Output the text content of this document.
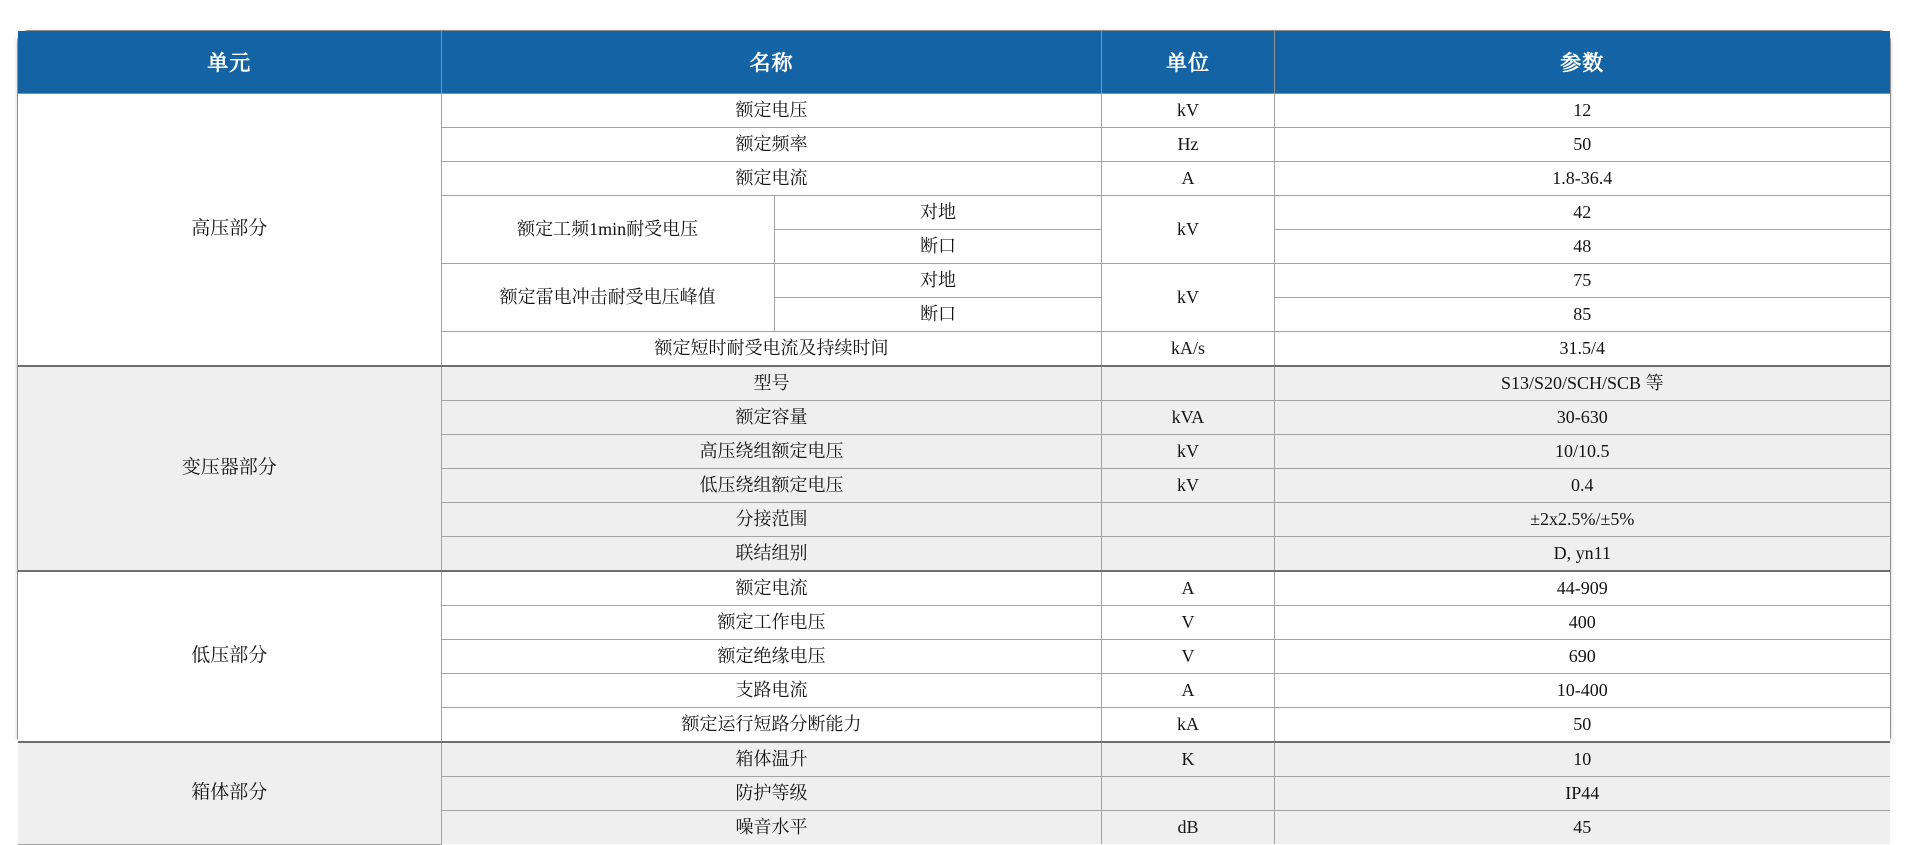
单元	名称		单位	参数
高压部分	额定电压		kV	12
	额定频率		Hz	50
	额定电流		A	1.8-36.4
	额定工频1min耐受电压	对地	kV	42
		断口		48
	额定雷电冲击耐受电压峰值	对地	kV	75
		断口		85
	额定短时耐受电流及持续时间		kA/s	31.5/4
变压器部分	型号			S13/S20/SCH/SCB 等
	额定容量		kVA	30-630
	高压绕组额定电压		kV	10/10.5
	低压绕组额定电压		kV	0.4
	分接范围			±2x2.5%/±5%
	联结组别			D, yn11
低压部分	额定电流		A	44-909
	额定工作电压		V	400
	额定绝缘电压		V	690
	支路电流		A	10-400
	额定运行短路分断能力		kA	50
箱体部分	箱体温升		K	10
	防护等级			IP44
	噪音水平		dB	45
